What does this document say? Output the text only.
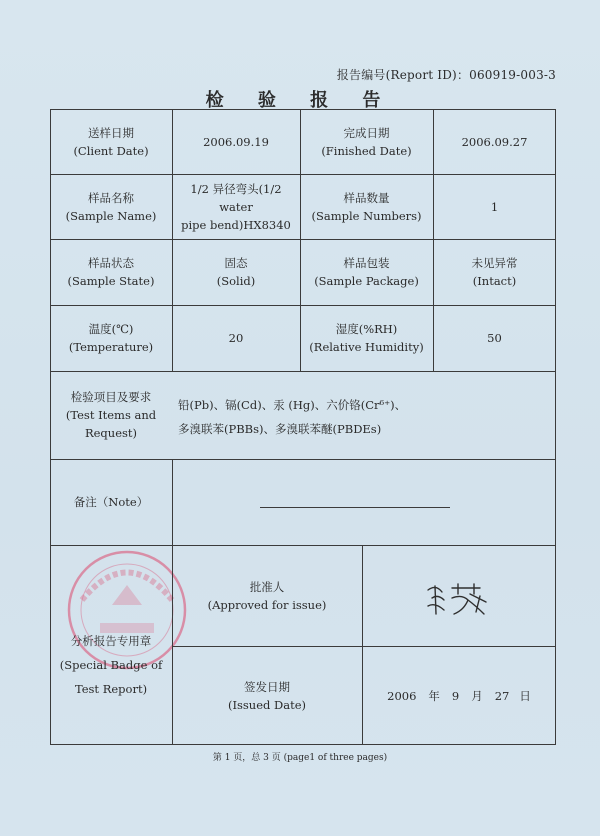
报告编号(Report ID)：060919-003-3
检 验 报 告
送样日期
(Client Date)
2006.09.19
完成日期
(Finished Date)
2006.09.27
样品名称
(Sample Name)
1/2 异径弯头(1/2 water
pipe bend)HX8340
样品数量
(Sample Numbers)
1
样品状态
(Sample State)
固态
(Solid)
样品包装
(Sample Package)
未见异常
(Intact)
温度(℃)
(Temperature)
20
湿度(%RH)
(Relative Humidity)
50
检验项目及要求
(Test Items and
Request)
铅(Pb)、镉(Cd)、汞 (Hg)、六价铬(Cr⁶⁺)、
多溴联苯(PBBs)、多溴联苯醚(PBDEs)
备注（Note）
分析报告专用章
(Special Badge of
Test Report)
批准人
(Approved for issue)
签发日期
(Issued Date)
2006 年 9 月 27 日
第 1 页，总 3 页 (page1 of three pages)
